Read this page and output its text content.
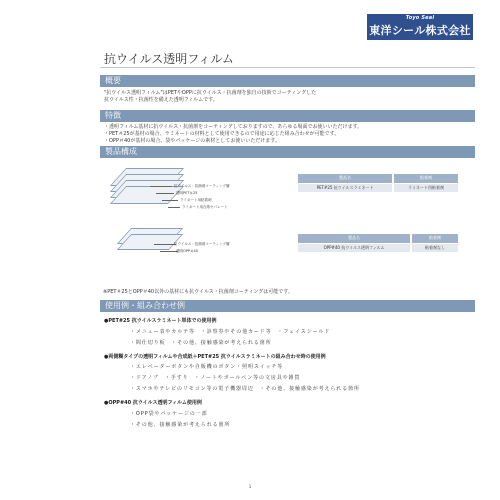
Toyo Seal
東洋シール株式会社
抗ウイルス透明フィルム
概要
"抗ウイルス透明フィルム"はPETやOPPに抗ウイルス・抗菌剤を独自の技術でコーティングした
抗ウイルス性・抗菌性を備えた透明フィルムです。
特徴
・透明フィルム基材に抗ウイルス・抗菌剤をコーティングしておりますので、あらゆる場面でお使いいただけます。
・PET＃25が基材の場合、ラミネートの材料として使用できるので用途に応じた組み合わせが可能です。
・OPP＃40が基材の場合、袋やパッケージの素材としてお使いいただけます。
製品構成
抗ウイルス・抗菌剤コーティング層
透明PET＃25
ラミネート用粘着剤
ラミネート用台紙セパレート
製品名	粘着剤
PET#25 抗ウイルスラミネート	ラミネート用粘着剤
抗ウイルス・抗菌剤コーティング層
透明OPP＃40
製品名	粘着剤
OPP#40 抗ウイルス透明フィルム	粘着剤なし
※PET＃25とOPP＃40以外の基材にも抗ウイルス・抗菌剤コーティングは可能です。
使用例・組み合わせ例
●PET#25 抗ウイルスラミネート単体での使用例
・メニュー表やカルテ等　・診察券やその他カード等　・フェイスシールド
・間仕切り板　・その他、接触感染が考えられる箇所
●両側糊タイプの透明フィルムや合成紙＋PET#25 抗ウイルスラミネートの組み合わせ時の使用例
・エレベーターボタンや自販機のボタン・照明スイッチ等
・ドアノブ　・手すり　・ノートやボールペン等の文房具や雑貨
・スマホやテレビのリモコン等の電子機器周辺　・その他、接触感染が考えられる箇所
●OPP#40 抗ウイルス透明フィルム使用例
・OPP袋やパッケージの一部
・その他、接触感染が考えられる箇所
1
